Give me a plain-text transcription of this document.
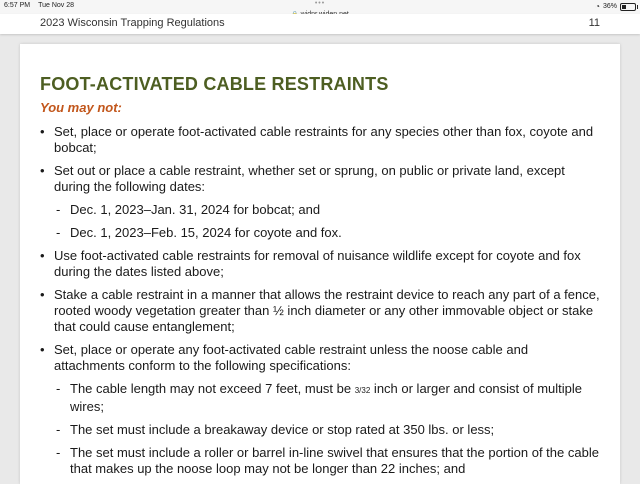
6:57 PM Tue Nov 28	•••	◔ 36%
2023 Wisconsin Trapping Regulations	11
FOOT-ACTIVATED CABLE RESTRAINTS
You may not:
• Set, place or operate foot-activated cable restraints for any species other than fox, coyote and bobcat;
• Set out or place a cable restraint, whether set or sprung, on public or private land, except during the following dates:
- Dec. 1, 2023–Jan. 31, 2024 for bobcat; and
- Dec. 1, 2023–Feb. 15, 2024 for coyote and fox.
• Use foot-activated cable restraints for removal of nuisance wildlife except for coyote and fox during the dates listed above;
• Stake a cable restraint in a manner that allows the restraint device to reach any part of a fence, rooted woody vegetation greater than ½ inch diameter or any other immovable object or stake that could cause entanglement;
• Set, place or operate any foot-activated cable restraint unless the noose cable and attachments conform to the following specifications:
- The cable length may not exceed 7 feet, must be 3/32 inch or larger and consist of multiple wires;
- The set must include a breakaway device or stop rated at 350 lbs. or less;
- The set must include a roller or barrel in-line swivel that ensures that the portion of the cable that makes up the noose loop may not be longer than 22 inches; and
